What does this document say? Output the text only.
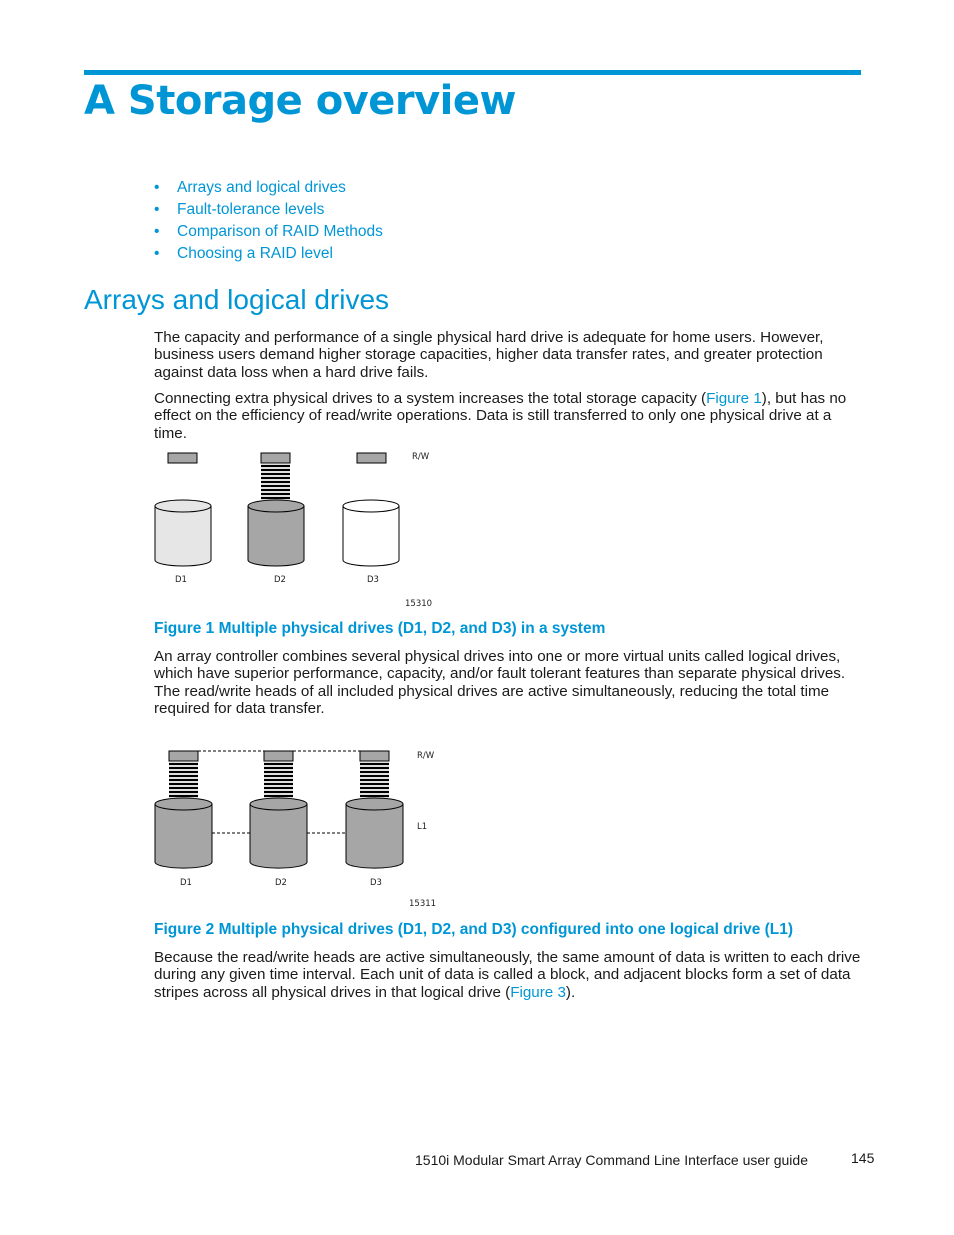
A Storage overview
• Arrays and logical drives
• Fault-tolerance levels
• Comparison of RAID Methods
• Choosing a RAID level
Arrays and logical drives

The capacity and performance of a single physical hard drive is adequate for home users. However, business users demand higher storage capacities, higher data transfer rates, and greater protection against data loss when a hard drive fails.

Connecting extra physical drives to a system increases the total storage capacity (Figure 1), but has no effect on the efficiency of read/write operations. Data is still transferred to only one physical drive at a time.

R/W
D1	D2	D3
15310

Figure 1 Multiple physical drives (D1, D2, and D3) in a system

An array controller combines several physical drives into one or more virtual units called logical drives, which have superior performance, capacity, and/or fault tolerant features than separate physical drives. The read/write heads of all included physical drives are active simultaneously, reducing the total time required for data transfer.

R/W
L1
D1	D2	D3
15311

Figure 2 Multiple physical drives (D1, D2, and D3) configured into one logical drive (L1)

Because the read/write heads are active simultaneously, the same amount of data is written to each drive during any given time interval. Each unit of data is called a block, and adjacent blocks form a set of data stripes across all physical drives in that logical drive (Figure 3).

1510i Modular Smart Array Command Line Interface user guide	145
